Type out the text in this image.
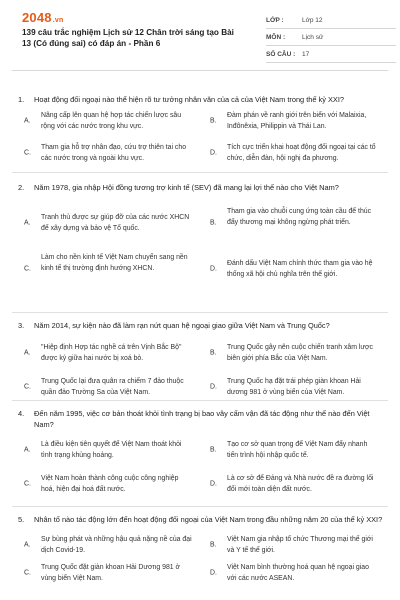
2048.vn
139 câu trắc nghiệm Lịch sử 12 Chân trời sáng tạo Bài 13 (Có đúng sai) có đáp án - Phần 6
LỚP :	Lớp 12
MÔN :	Lịch sử
SỐ CÂU :	17
1. Hoạt động đối ngoại nào thể hiện rõ tư tưởng nhân văn của cả của Việt Nam trong thế kỷ XXI?
A.
Nâng cấp lên quan hệ hợp tác chiến lược sâu rộng với các nước trong khu vực.
B.
Đàm phán về ranh giới trên biển với Malaixia, Inđônêxia, Philippin và Thái Lan.
C.
Tham gia hỗ trợ nhân đạo, cứu trợ thiên tai cho các nước trong và ngoài khu vực.
D.
Tích cực triển khai hoạt động đối ngoại tại các tổ chức, diễn đàn, hội nghị đa phương.
2. Năm 1978, gia nhập Hội đồng tương trợ kinh tế (SEV) đã mang lại lợi thế nào cho Việt Nam?
A.
Tranh thủ được sự giúp đỡ của các nước XHCN để xây dựng và bảo vệ Tổ quốc.
B.
Tham gia vào chuỗi cung ứng toàn cầu để thúc đẩy thương mại không ngừng phát triển.
C.
Làm cho nền kinh tế Việt Nam chuyển sang nền kinh tế thị trường định hướng XHCN.	D.
Đánh dấu Việt Nam chính thức tham gia vào hệ thống xã hội chủ nghĩa trên thế giới.
3. Năm 2014, sự kiện nào đã làm rạn nứt quan hệ ngoại giao giữa Việt Nam và Trung Quốc?
A.
"Hiệp định Hợp tác nghề cá trên Vịnh Bắc Bộ" được ký giữa hai nước bị xoá bỏ.
B.
Trung Quốc gây nên cuộc chiến tranh xâm lược biên giới phía Bắc của Việt Nam.
C.
Trung Quốc lại đưa quân ra chiếm 7 đảo thuộc quần đảo Trường Sa của Việt Nam.
D.
Trung Quốc hạ đặt trái phép giàn khoan Hải dương 981 ở vùng biển của Việt Nam.
4. Đến năm 1995, việc cơ bản thoát khỏi tình trạng bị bao vây cấm vận đã tác động như thế nào đến Việt Nam?
A.
Là điều kiện tiên quyết để Việt Nam thoát khỏi tình trạng khủng hoảng.
B.
Tạo cơ sở quan trọng để Việt Nam đẩy nhanh tiến trình hội nhập quốc tế.
C.
Việt Nam hoàn thành công cuộc công nghiệp hoá, hiện đại hoá đất nước.
D.
Là cơ sở để Đảng và Nhà nước đề ra đường lối đổi mới toàn diện đất nước.
5. Nhân tố nào tác động lớn đến hoạt động đối ngoại của Việt Nam trong đầu những năm 20 của thế kỷ XXI?
A.
Sự bùng phát và những hậu quả nặng nề của đại dịch Covid-19.
B.
Việt Nam gia nhập tổ chức Thương mại thế giới và Y tế thế giới.
C.
Trung Quốc đặt giàn khoan Hải Dương 981 ở vùng biển Việt Nam.
D.
Việt Nam bình thường hoá quan hệ ngoại giao với các nước ASEAN.
